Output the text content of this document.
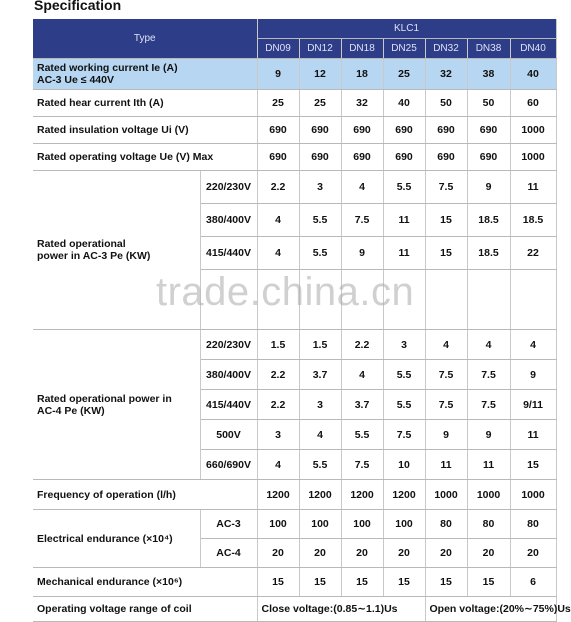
Specification
Type		KLC1						
		DN09	DN12	DN18	DN25	DN32	DN38	DN40
Rated working current Ie (A)
AC-3 Ue ≤ 440V		9	12	18	25	32	38	40
Rated hear current Ith (A)		25	25	32	40	50	50	60
Rated insulation voltage Ui (V)		690	690	690	690	690	690	1000
Rated operating voltage Ue (V) Max		690	690	690	690	690	690	1000
Rated operational
power in AC-3 Pe (KW)	220/230V	2.2	3	4	5.5	7.5	9	11
	380/400V	4	5.5	7.5	11	15	18.5	18.5
	415/440V	4	5.5	9	11	15	18.5	22

Rated operational power in
AC-4 Pe (KW)	220/230V	1.5	1.5	2.2	3	4	4	4
	380/400V	2.2	3.7	4	5.5	7.5	7.5	9
	415/440V	2.2	3	3.7	5.5	7.5	7.5	9/11
	500V	3	4	5.5	7.5	9	9	11
	660/690V	4	5.5	7.5	10	11	11	15
Frequency of operation (l/h)		1200	1200	1200	1200	1000	1000	1000
Electrical endurance (×10⁴)	AC-3	100	100	100	100	80	80	80
	AC-4	20	20	20	20	20	20	20
Mechanical endurance (×10⁶)		15	15	15	15	15	15	6
Operating voltage range of coil		Close voltage:(0.85∼1.1)Us				Open voltage:(20%∼75%)Us		
trade.china.cn
